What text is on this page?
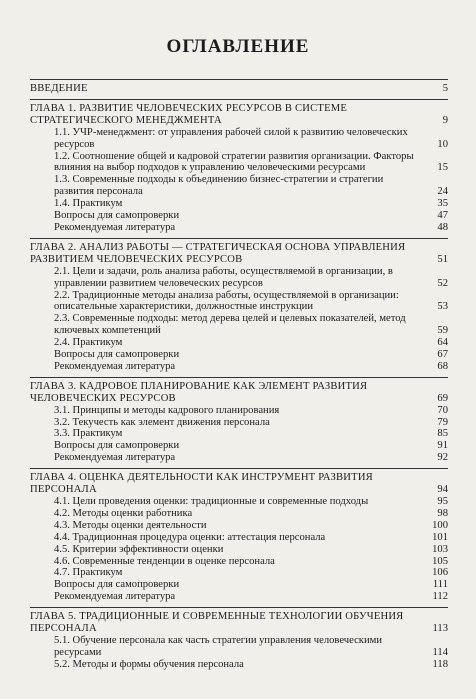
ОГЛАВЛЕНИЕ
ВВЕДЕНИЕ	5
ГЛАВА 1. РАЗВИТИЕ ЧЕЛОВЕЧЕСКИХ РЕСУРСОВ В СИСТЕМЕ СТРАТЕГИЧЕСКОГО МЕНЕДЖМЕНТА	9
1.1. УЧР-менеджмент: от управления рабочей силой к развитию человеческих ресурсов	10
1.2. Соотношение общей и кадровой стратегии развития организации. Факторы влияния на выбор подходов к управлению человеческими ресурсами	15
1.3. Современные подходы к объединению бизнес-стратегии и стратегии развития персонала	24
1.4. Практикум	35
Вопросы для самопроверки	47
Рекомендуемая литература	48
ГЛАВА 2. АНАЛИЗ РАБОТЫ — СТРАТЕГИЧЕСКАЯ ОСНОВА УПРАВЛЕНИЯ РАЗВИТИЕМ ЧЕЛОВЕЧЕСКИХ РЕСУРСОВ	51
2.1. Цели и задачи, роль анализа работы, осуществляемой в организации, в управлении развитием человеческих ресурсов	52
2.2. Традиционные методы анализа работы, осуществляемой в организации: описательные характеристики, должностные инструкции	53
2.3. Современные подходы: метод дерева целей и целевых показателей, метод ключевых компетенций	59
2.4. Практикум	64
Вопросы для самопроверки	67
Рекомендуемая литература	68
ГЛАВА 3. КАДРОВОЕ ПЛАНИРОВАНИЕ КАК ЭЛЕМЕНТ РАЗВИТИЯ ЧЕЛОВЕЧЕСКИХ РЕСУРСОВ	69
3.1. Принципы и методы кадрового планирования	70
3.2. Текучесть как элемент движения персонала	79
3.3. Практикум	85
Вопросы для самопроверки	91
Рекомендуемая литература	92
ГЛАВА 4. ОЦЕНКА ДЕЯТЕЛЬНОСТИ КАК ИНСТРУМЕНТ РАЗВИТИЯ ПЕРСОНАЛА	94
4.1. Цели проведения оценки: традиционные и современные подходы	95
4.2. Методы оценки работника	98
4.3. Методы оценки деятельности	100
4.4. Традиционная процедура оценки: аттестация персонала	101
4.5. Критерии эффективности оценки	103
4.6. Современные тенденции в оценке персонала	105
4.7. Практикум	106
Вопросы для самопроверки	111
Рекомендуемая литература	112
ГЛАВА 5. ТРАДИЦИОННЫЕ И СОВРЕМЕННЫЕ ТЕХНОЛОГИИ ОБУЧЕНИЯ ПЕРСОНАЛА	113
5.1. Обучение персонала как часть стратегии управления человеческими ресурсами	114
5.2. Методы и формы обучения персонала	118
